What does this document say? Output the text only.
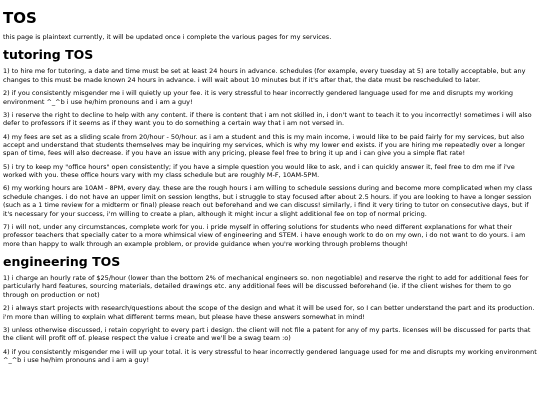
TOS

this page is plaintext currently, it will be updated once i complete the various pages for my services.

tutoring TOS

1) to hire me for tutoring, a date and time must be set at least 24 hours in advance. schedules (for example, every tuesday at 5) are totally acceptable, but any changes to this must be made known 24 hours in advance. i will wait about 10 minutes but if it's after that, the date must be rescheduled to later.

2) if you consistently misgender me i will quietly up your fee. it is very stressful to hear incorrectly gendered language used for me and disrupts my working environment ^_^b i use he/him pronouns and i am a guy!

3) i reserve the right to decline to help with any content. if there is content that i am not skilled in, i don't want to teach it to you incorrectly! sometimes i will also defer to professors if it seems as if they want you to do something a certain way that i am not versed in.

4) my fees are set as a sliding scale from 20/hour - 50/hour. as i am a student and this is my main income, i would like to be paid fairly for my services, but also accept and understand that students themselves may be inquiring my services, which is why my lower end exists. if you are hiring me repeatedly over a longer span of time, fees will also decrease. if you have an issue with any pricing, please feel free to bring it up and i can give you a simple flat rate!

5) i try to keep my "office hours" open consistently; if you have a simple question you would like to ask, and i can quickly answer it, feel free to dm me if i've worked with you. these office hours vary with my class schedule but are roughly M-F, 10AM-5PM.

6) my working hours are 10AM - 8PM, every day. these are the rough hours i am willing to schedule sessions during and become more complicated when my class schedule changes. i do not have an upper limit on session lengths, but i struggle to stay focused after about 2.5 hours. if you are looking to have a longer session (such as a 1 time review for a midterm or final) please reach out beforehand and we can discuss! similarly, i find it very tiring to tutor on consecutive days, but if it's necessary for your success, i'm willing to create a plan, although it might incur a slight additional fee on top of normal pricing.

7) i will not, under any circumstances, complete work for you. i pride myself in offering solutions for students who need different explanations for what their professor teachers that specially cater to a more whimsical view of engineering and STEM. i have enough work to do on my own, i do not want to do yours. i am more than happy to walk through an example problem, or provide guidance when you're working through problems though!

engineering TOS

1) i charge an hourly rate of $25/hour (lower than the bottom 2% of mechanical engineers so. non negotiable) and reserve the right to add for additional fees for particularly hard features, sourcing materials, detailed drawings etc. any additional fees will be discussed beforehand (ie. if the client wishes for them to go through on production or not)

2) i always start projects with research/questions about the scope of the design and what it will be used for, so I can better understand the part and its production. i'm more than willing to explain what different terms mean, but please have these answers somewhat in mind!

3) unless otherwise discussed, i retain copyright to every part i design. the client will not file a patent for any of my parts. licenses will be discussed for parts that the client will profit off of. please respect the value i create and we'll be a swag team :o)

4) if you consistently misgender me i will up your total. it is very stressful to hear incorrectly gendered language used for me and disrupts my working environment ^_^b i use he/him pronouns and i am a guy!
